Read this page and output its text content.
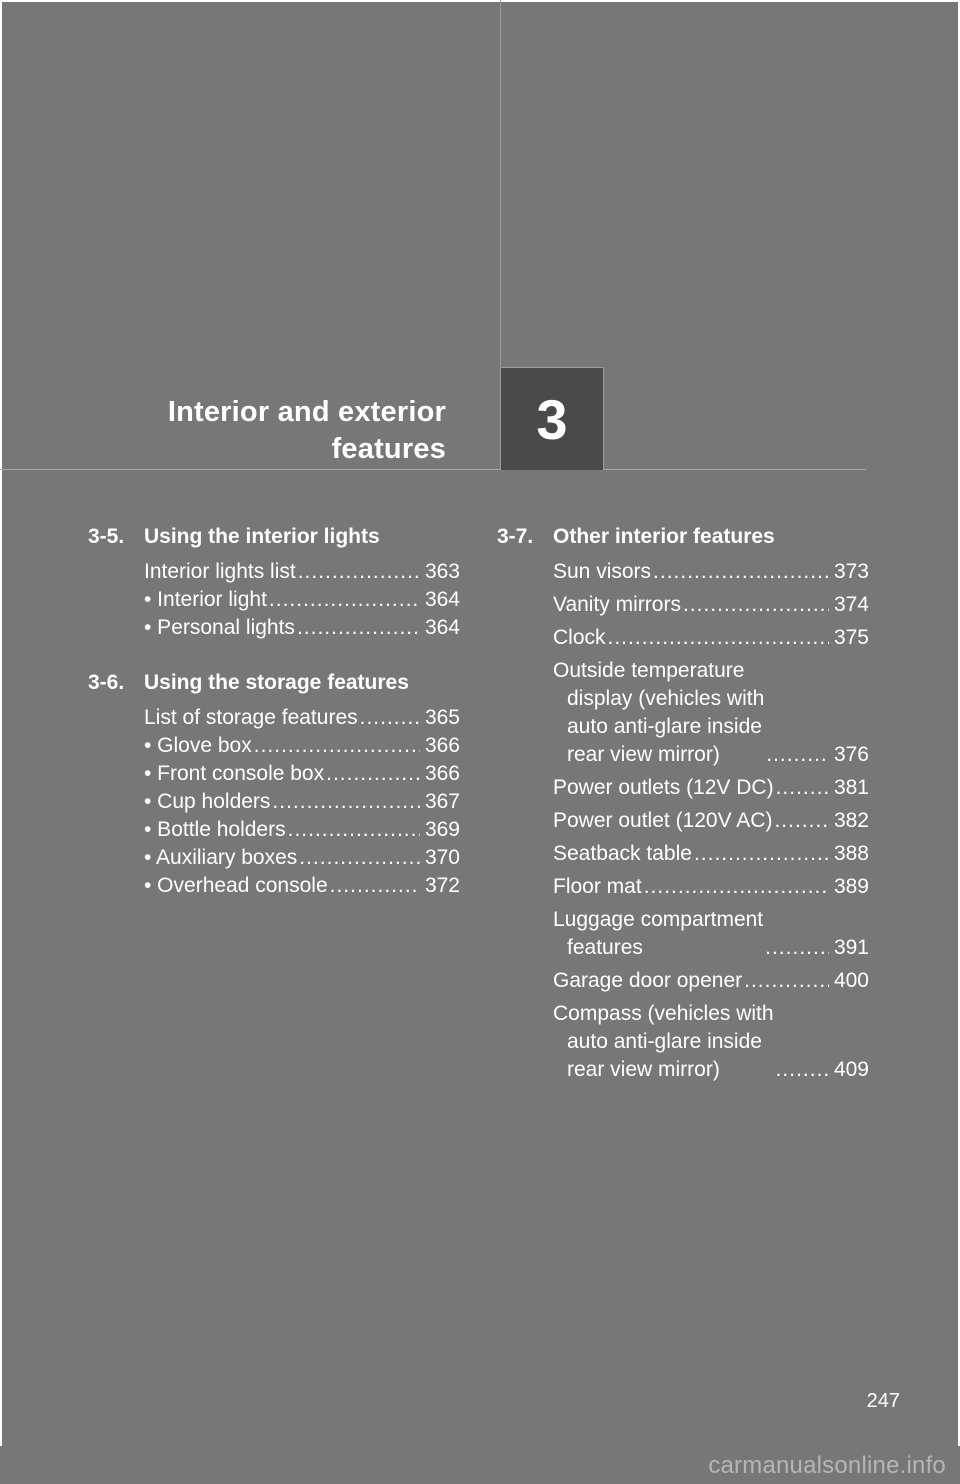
Interior and exterior
features	3
3-5. Using the interior lights
Interior lights list .....	363
• Interior light .....	364
• Personal lights .....	364
3-6. Using the storage features
List of storage features .....	365
• Glove box .....	366
• Front console box .....	366
• Cup holders .....	367
• Bottle holders .....	369
• Auxiliary boxes .....	370
• Overhead console .....	372
3-7. Other interior features
Sun visors .....	373
Vanity mirrors .....	374
Clock .....	375
Outside temperature
display (vehicles with
auto anti-glare inside
rear view mirror) .....	376
Power outlets (12V DC) .....	381
Power outlet (120V AC) .....	382
Seatback table .....	388
Floor mat .....	389
Luggage compartment
features .....	391
Garage door opener .....	400
Compass (vehicles with
auto anti-glare inside
rear view mirror) .....	409
247
carmanualsonline.info
